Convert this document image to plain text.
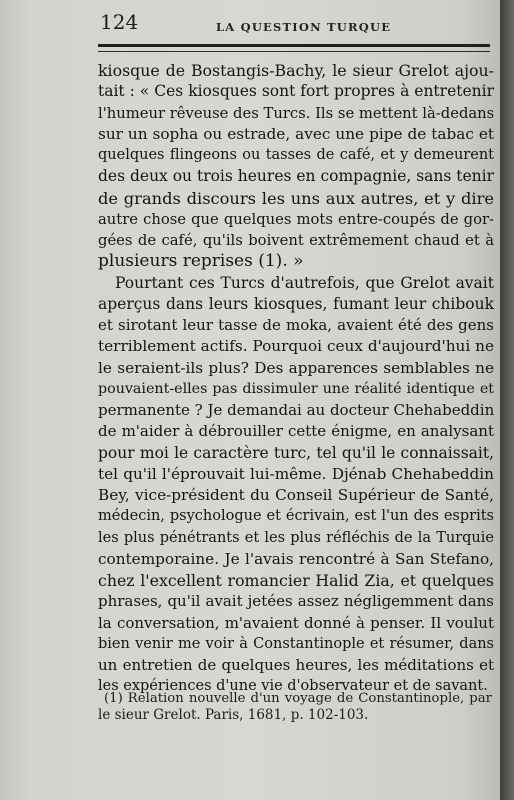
124	LA QUESTION TURQUE
kiosque de Bostangis-Bachy, le sieur Grelot ajou-
tait : « Ces kiosques sont fort propres à entretenir
l'humeur rêveuse des Turcs. Ils se mettent là-dedans
sur un sopha ou estrade, avec une pipe de tabac et
quelques flingeons ou tasses de café, et y demeurent
des deux ou trois heures en compagnie, sans tenir
de grands discours les uns aux autres, et y dire
autre chose que quelques mots entre-coupés de gor-
gées de café, qu'ils boivent extrêmement chaud et à
plusieurs reprises (1). »
Pourtant ces Turcs d'autrefois, que Grelot avait
aperçus dans leurs kiosques, fumant leur chibouk
et sirotant leur tasse de moka, avaient été des gens
terriblement actifs. Pourquoi ceux d'aujourd'hui ne
le seraient-ils plus? Des apparences semblables ne
pouvaient-elles pas dissimuler une réalité identique et
permanente ? Je demandai au docteur Chehabeddin
de m'aider à débrouiller cette énigme, en analysant
pour moi le caractère turc, tel qu'il le connaissait,
tel qu'il l'éprouvait lui-même. Djénab Chehabeddin
Bey, vice-président du Conseil Supérieur de Santé,
médecin, psychologue et écrivain, est l'un des esprits
les plus pénétrants et les plus réfléchis de la Turquie
contemporaine. Je l'avais rencontré à San Stefano,
chez l'excellent romancier Halid Zia, et quelques
phrases, qu'il avait jetées assez négligemment dans
la conversation, m'avaient donné à penser. Il voulut
bien venir me voir à Constantinople et résumer, dans
un entretien de quelques heures, les méditations et
les expériences d'une vie d'observateur et de savant.
(1) Relation nouvelle d'un voyage de Constantinople, par
le sieur Grelot. Paris, 1681, p. 102-103.
